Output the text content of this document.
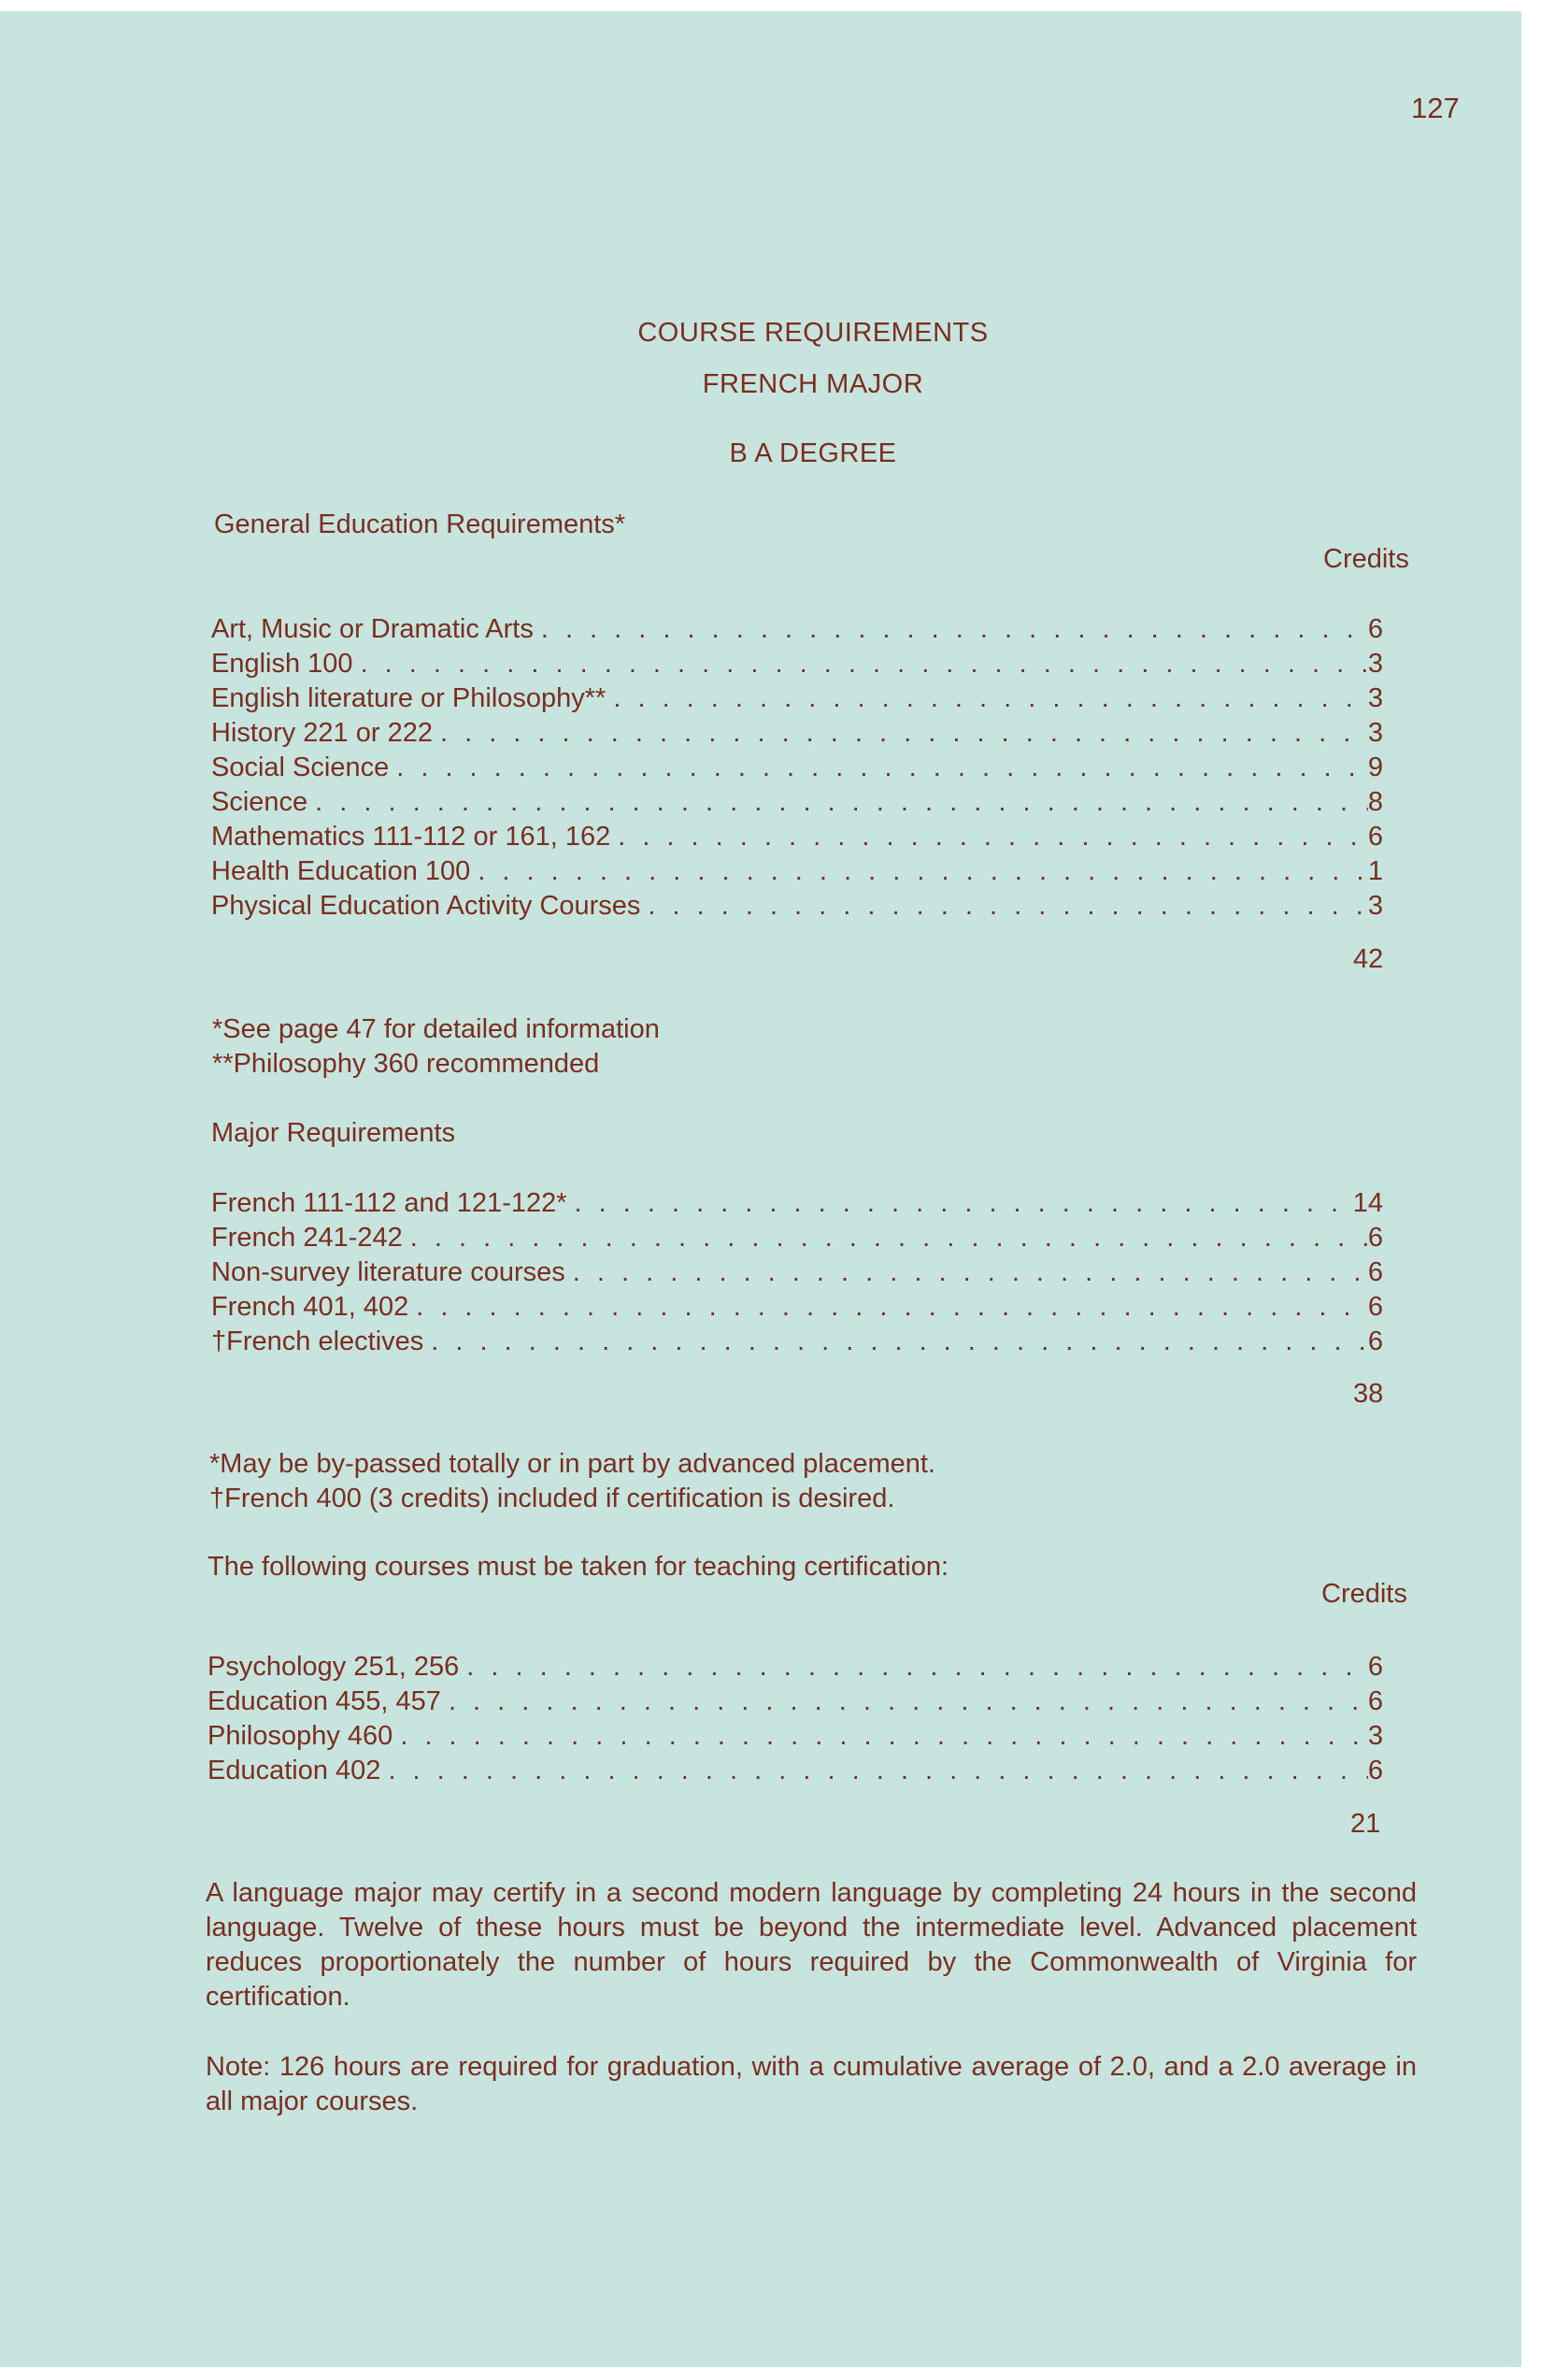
127
COURSE REQUIREMENTS
FRENCH MAJOR
B A DEGREE
General Education Requirements*
Credits
Art, Music or Dramatic Arts . . .	6
English 100 . . .	3
English literature or Philosophy** . . .	3
History 221 or 222 . . .	3
Social Science . . .	9
Science . . .	8
Mathematics 111-112 or 161, 162 . . .	6
Health Education 100 . . .	1
Physical Education Activity Courses . . .	3
42
*See page 47 for detailed information
**Philosophy 360 recommended
Major Requirements
French 111-112 and 121-122* . . .	14
French 241-242 . . .	6
Non-survey literature courses . . .	6
French 401, 402 . . .	6
†French electives . . .	6
38
*May be by-passed totally or in part by advanced placement.
†French 400 (3 credits) included if certification is desired.
The following courses must be taken for teaching certification:
Credits
Psychology 251, 256 . . .	6
Education 455, 457 . . .	6
Philosophy 460 . . .	3
Education 402 . . .	6
21
A language major may certify in a second modern language by completing 24 hours in the second language. Twelve of these hours must be beyond the intermediate level. Advanced placement reduces proportionately the number of hours required by the Commonwealth of Virginia for certification.
Note: 126 hours are required for graduation, with a cumulative average of 2.0, and a 2.0 average in all major courses.
